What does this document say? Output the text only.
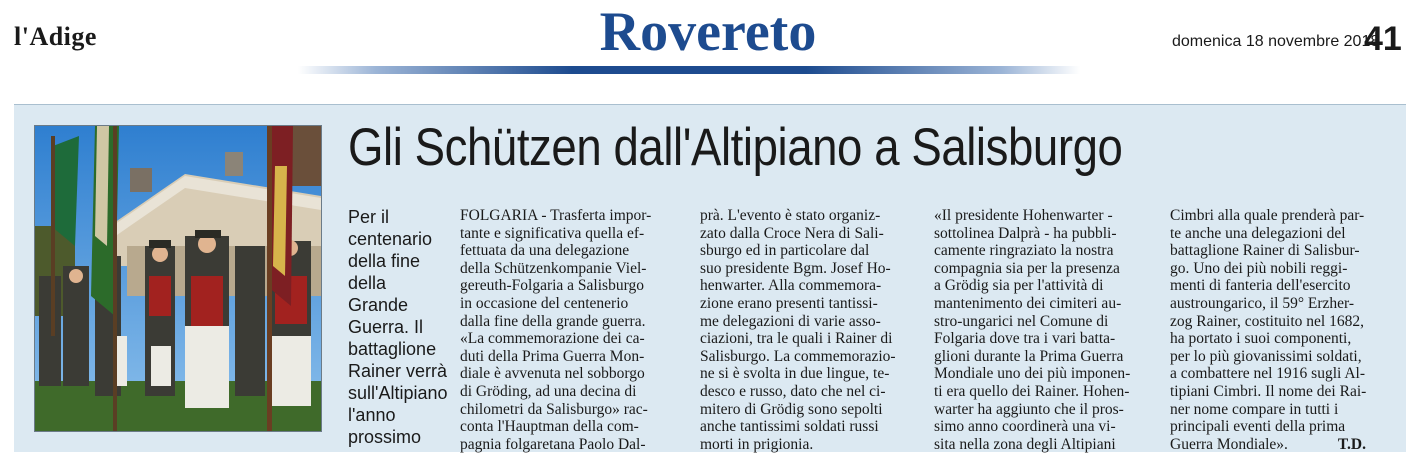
l'Adige	Rovereto	domenica 18 novembre 2018
41
Gli Schützen dall'Altipiano a Salisburgo
Per il
centenario
della fine
della Grande
Guerra. Il
battaglione
Rainer verrà
sull'Altipiano
l'anno
prossimo
FOLGARIA - Trasferta impor-
tante e significativa quella ef-
fettuata da una delegazione
della Schützenkompanie Viel-
gereuth-Folgaria a Salisburgo
in occasione del centenerio
dalla fine della grande guerra.
«La commemorazione dei ca-
duti della Prima Guerra Mon-
diale è avvenuta nel sobborgo
di Gröding, ad una decina di
chilometri da Salisburgo» rac-
conta l'Hauptman della com-
pagnia folgaretana Paolo Dal-
prà. L'evento è stato organiz-
zato dalla Croce Nera di Sali-
sburgo ed in particolare dal
suo presidente Bgm. Josef Ho-
henwarter. Alla commemora-
zione erano presenti tantissi-
me delegazioni di varie asso-
ciazioni, tra le quali i Rainer di
Salisburgo. La commemorazio-
ne si è svolta in due lingue, te-
desco e russo, dato che nel ci-
mitero di Grödig sono sepolti
anche tantissimi soldati russi
morti in prigionia.
«Il presidente Hohenwarter -
sottolinea Dalprà - ha pubbli-
camente ringraziato la nostra
compagnia sia per la presenza
a Grödig sia per l'attività di
mantenimento dei cimiteri au-
stro-ungarici nel Comune di
Folgaria dove tra i vari batta-
glioni durante la Prima Guerra
Mondiale uno dei più imponen-
ti era quello dei Rainer. Hohen-
warter ha aggiunto che il pros-
simo anno coordinerà una vi-
sita nella zona degli Altipiani
Cimbri alla quale prenderà par-
te anche una delegazioni del
battaglione Rainer di Salisbur-
go. Uno dei più nobili reggi-
menti di fanteria dell'esercito
austroungarico, il 59° Erzher-
zog Rainer, costituito nel 1682,
ha portato i suoi componenti,
per lo più giovanissimi soldati,
a combattere nel 1916 sugli Al-
tipiani Cimbri. Il nome dei Rai-
ner nome compare in tutti i
principali eventi della prima
Guerra Mondiale».	T.D.
